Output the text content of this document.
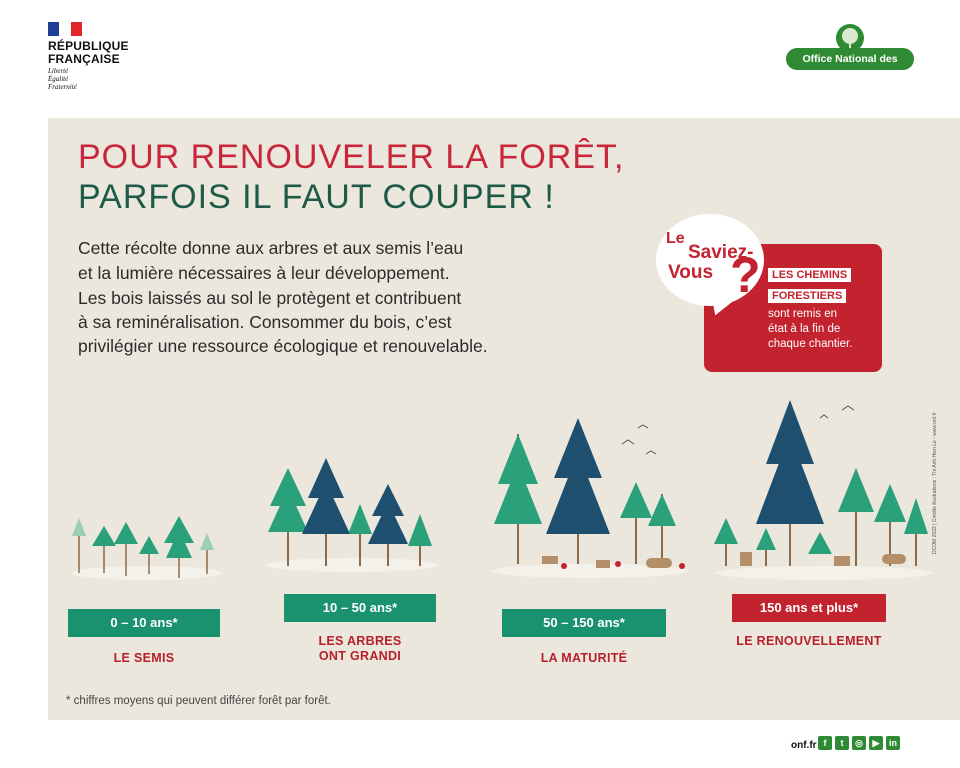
RÉPUBLIQUE
FRANÇAISE
Liberté
Égalité
Fraternité
Office National des Forêts
POUR RENOUVELER LA FORÊT,
PARFOIS IL FAUT COUPER !
Cette récolte donne aux arbres et aux semis l’eau
et la lumière nécessaires à leur développement.
Les bois laissés au sol le protègent et contribuent
à sa reminéralisation. Consommer du bois, c’est
privilégier une ressource écologique et renouvelable.
Le
Saviez-
Vous ?	LES CHEMINS
FORESTIERS
sont remis en
état à la fin de
chaque chantier.
0 – 10 ans*
LE SEMIS
10 – 50 ans*
LES ARBRES
ONT GRANDI
50 – 150 ans*
LA MATURITÉ
150 ans et plus*
LE RENOUVELLEMENT
* chiffres moyens qui peuvent différer forêt par forêt.
DCOM 2022 | Crédits illustrations : Thi Anh Hien Le - www.onf.fr
onf.fr f	t	◎	▶	in
